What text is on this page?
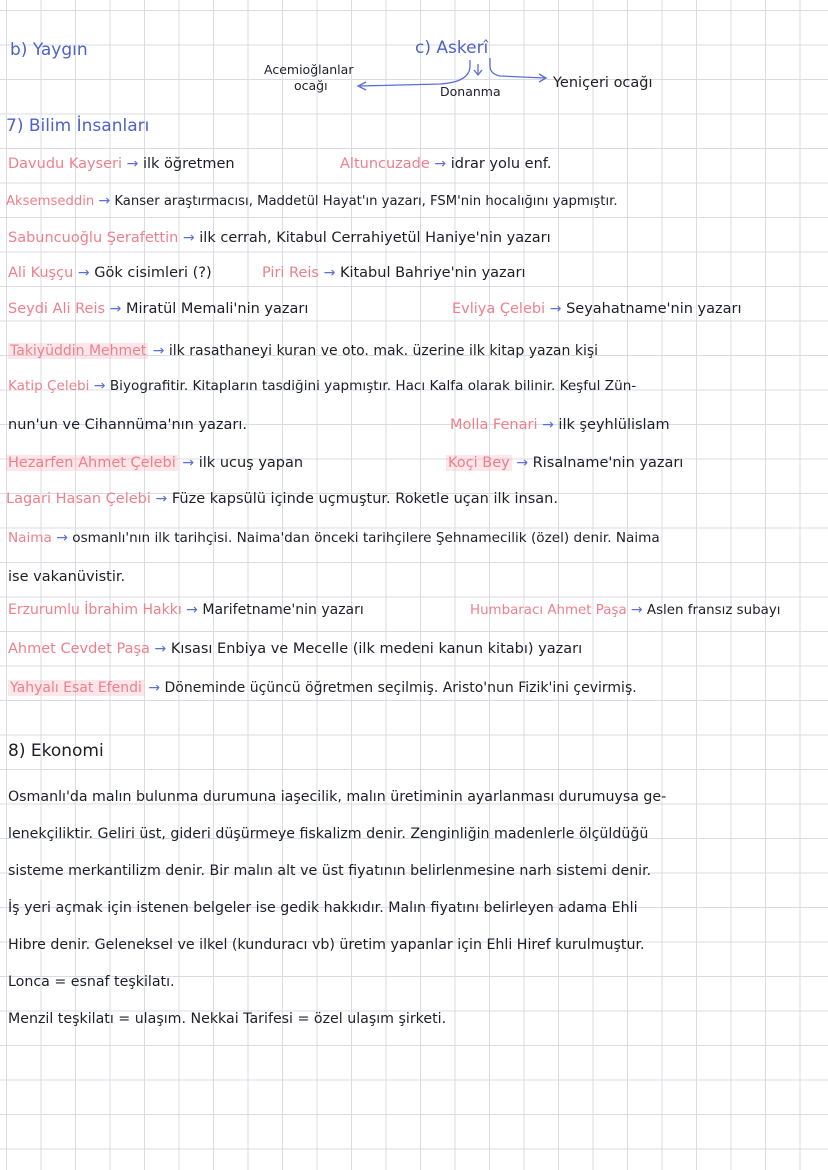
b) Yaygın	c) Askerî
Acemioğlanlar
ocağı	Donanma
Yeniçeri ocağı
7) Bilim İnsanları
Davudu Kayseri → ilk öğretmen	Altuncuzade → idrar yolu enf.
Aksemseddin → Kanser araştırmacısı, Maddetül Hayat'ın yazarı, FSM'nin hocalığını yapmıştır.
Sabuncuoğlu Şerafettin → ilk cerrah, Kitabul Cerrahiyetül Haniye'nin yazarı
Ali Kuşçu → Gök cisimleri (?)	Piri Reis → Kitabul Bahriye'nin yazarı
Seydi Ali Reis → Miratül Memali'nin yazarı	Evliya Çelebi → Seyahatname'nin yazarı
Takiyüddin Mehmet → ilk rasathaneyi kuran ve oto. mak. üzerine ilk kitap yazan kişi
Katip Çelebi → Biyografitir. Kitapların tasdiğini yapmıştır. Hacı Kalfa olarak bilinir. Keşful Zün-
nun'un ve Cihannüma'nın yazarı.	Molla Fenari → ilk şeyhlülislam
Hezarfen Ahmet Çelebi → ilk ucuş yapan	Koçi Bey → Risalname'nin yazarı
Lagari Hasan Çelebi → Füze kapsülü içinde uçmuştur. Roketle uçan ilk insan.
Naima → osmanlı'nın ilk tarihçisi. Naima'dan önceki tarihçilere Şehnamecilik (özel) denir. Naima
ise vakanüvistir.
Erzurumlu İbrahim Hakkı → Marifetname'nin yazarı	Humbaracı Ahmet Paşa → Aslen fransız subayı
Ahmet Cevdet Paşa → Kısası Enbiya ve Mecelle (ilk medeni kanun kitabı) yazarı
Yahyalı Esat Efendi → Döneminde üçüncü öğretmen seçilmiş. Aristo'nun Fizik'ini çevirmiş.
8) Ekonomi
Osmanlı'da malın bulunma durumuna iaşecilik, malın üretiminin ayarlanması durumuysa ge-
lenekçiliktir. Geliri üst, gideri düşürmeye fiskalizm denir. Zenginliğin madenlerle ölçüldüğü
sisteme merkantilizm denir. Bir malın alt ve üst fiyatının belirlenmesine narh sistemi denir.
İş yeri açmak için istenen belgeler ise gedik hakkıdır. Malın fiyatını belirleyen adama Ehli
Hibre denir. Geleneksel ve ilkel (kunduracı vb) üretim yapanlar için Ehli Hiref kurulmuştur.
Lonca = esnaf teşkilatı.
Menzil teşkilatı = ulaşım. Nekkai Tarifesi = özel ulaşım şirketi.
